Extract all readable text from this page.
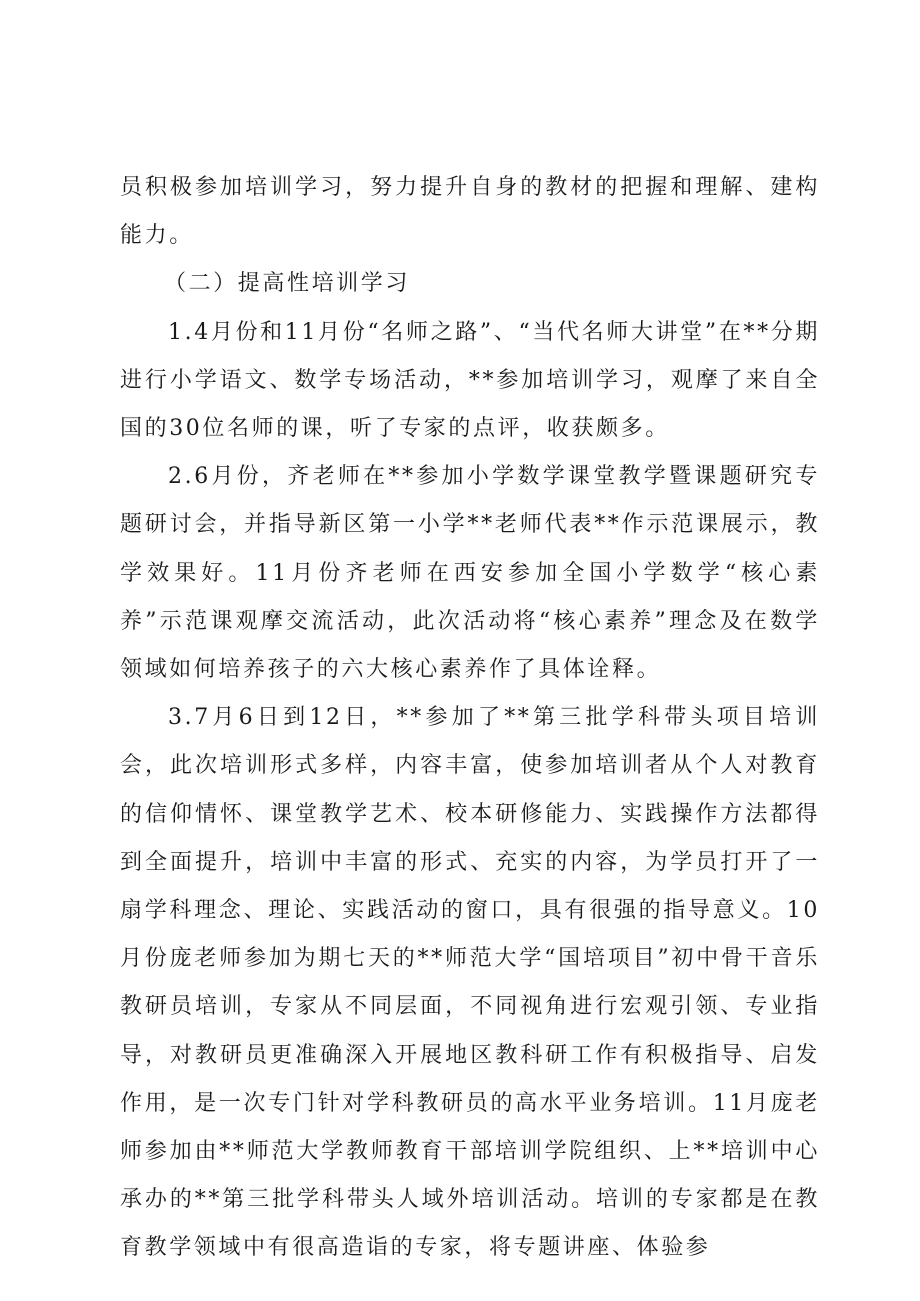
员积极参加培训学习，努力提升自身的教材的把握和理解、建构能力。

（二）提高性培训学习

1.4月份和11月份“名师之路”、“当代名师大讲堂”在**分期进行小学语文、数学专场活动，**参加培训学习，观摩了来自全国的30位名师的课，听了专家的点评，收获颇多。

2.6月份，齐老师在**参加小学数学课堂教学暨课题研究专题研讨会，并指导新区第一小学**老师代表**作示范课展示，教学效果好。11月份齐老师在西安参加全国小学数学“核心素养”示范课观摩交流活动，此次活动将“核心素养”理念及在数学领域如何培养孩子的六大核心素养作了具体诠释。

3.7月6日到12日，**参加了**第三批学科带头项目培训会，此次培训形式多样，内容丰富，使参加培训者从个人对教育的信仰情怀、课堂教学艺术、校本研修能力、实践操作方法都得到全面提升，培训中丰富的形式、充实的内容，为学员打开了一扇学科理念、理论、实践活动的窗口，具有很强的指导意义。10月份庞老师参加为期七天的**师范大学“国培项目”初中骨干音乐教研员培训，专家从不同层面，不同视角进行宏观引领、专业指导，对教研员更准确深入开展地区教科研工作有积极指导、启发作用，是一次专门针对学科教研员的高水平业务培训。11月庞老师参加由**师范大学教师教育干部培训学院组织、上**培训中心承办的**第三批学科带头人域外培训活动。培训的专家都是在教育教学领域中有很高造诣的专家，将专题讲座、体验参
